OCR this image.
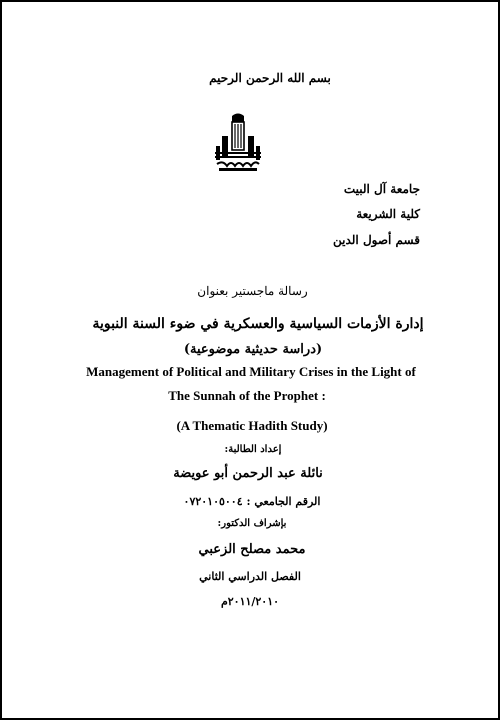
بسم الله الرحمن الرحيم
جامعة آل البيت
كلية الشريعة
قسم أصول الدين
رسالة ماجستير بعنوان
إدارة الأزمات السياسية والعسكرية في ضوء السنة النبوية
(دراسة حديثية موضوعية)
Management of Political and Military Crises in the Light of
The Sunnah of the Prophet :
(A Thematic Hadith Study)
إعداد الطالبة:
نائلة عبد الرحمن أبو عويضة
الرقم الجامعي : ٠٧٢٠١٠٥٠٠٤
بإشراف الدكتور:
محمد مصلح الزعبي
الفصل الدراسي الثاني
٢٠١١/٢٠١٠م
